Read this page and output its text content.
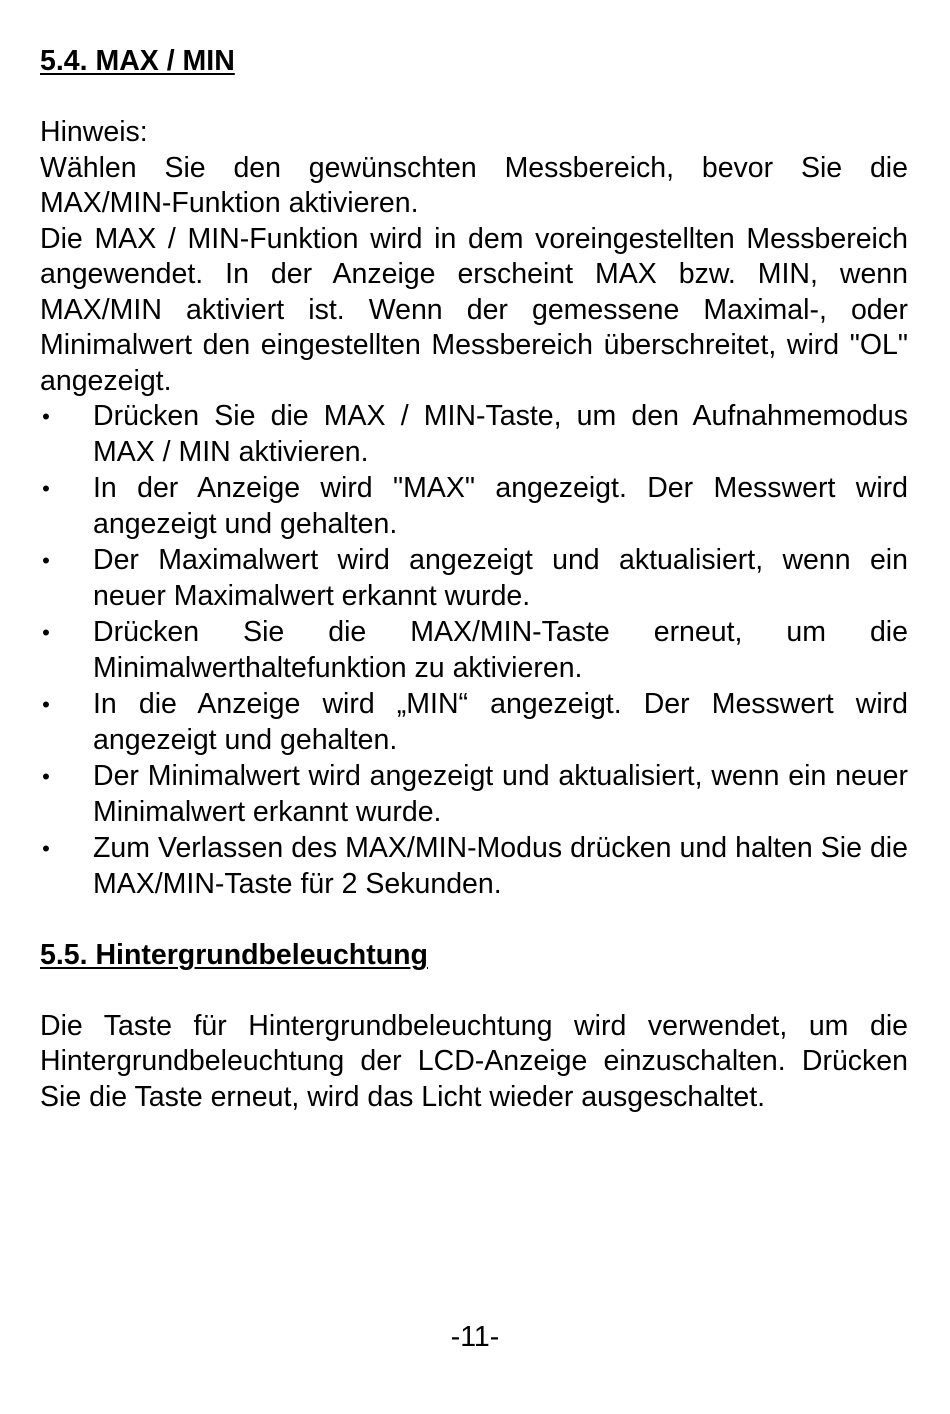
5.4. MAX / MIN

Hinweis:

Wählen Sie den gewünschten Messbereich, bevor Sie die MAX/MIN-Funktion aktivieren.

Die MAX / MIN-Funktion wird in dem voreingestellten Messbereich angewendet. In der Anzeige erscheint MAX bzw. MIN, wenn MAX/MIN aktiviert ist. Wenn der gemessene Maximal-, oder Minimalwert den eingestellten Messbereich überschreitet, wird "OL" angezeigt.

• Drücken Sie die MAX / MIN-Taste, um den Aufnahmemodus MAX / MIN aktivieren.
• In der Anzeige wird "MAX" angezeigt. Der Messwert wird angezeigt und gehalten.
• Der Maximalwert wird angezeigt und aktualisiert, wenn ein neuer Maximalwert erkannt wurde.
• Drücken Sie die MAX/MIN-Taste erneut, um die Minimalwerthaltefunktion zu aktivieren.
• In die Anzeige wird „MIN“ angezeigt. Der Messwert wird angezeigt und gehalten.
• Der Minimalwert wird angezeigt und aktualisiert, wenn ein neuer Minimalwert erkannt wurde.
• Zum Verlassen des MAX/MIN-Modus drücken und halten Sie die MAX/MIN-Taste für 2 Sekunden.
5.5. Hintergrundbeleuchtung

Die Taste für Hintergrundbeleuchtung wird verwendet, um die Hintergrundbeleuchtung der LCD-Anzeige einzuschalten. Drücken Sie die Taste erneut, wird das Licht wieder ausgeschaltet.

-11-
